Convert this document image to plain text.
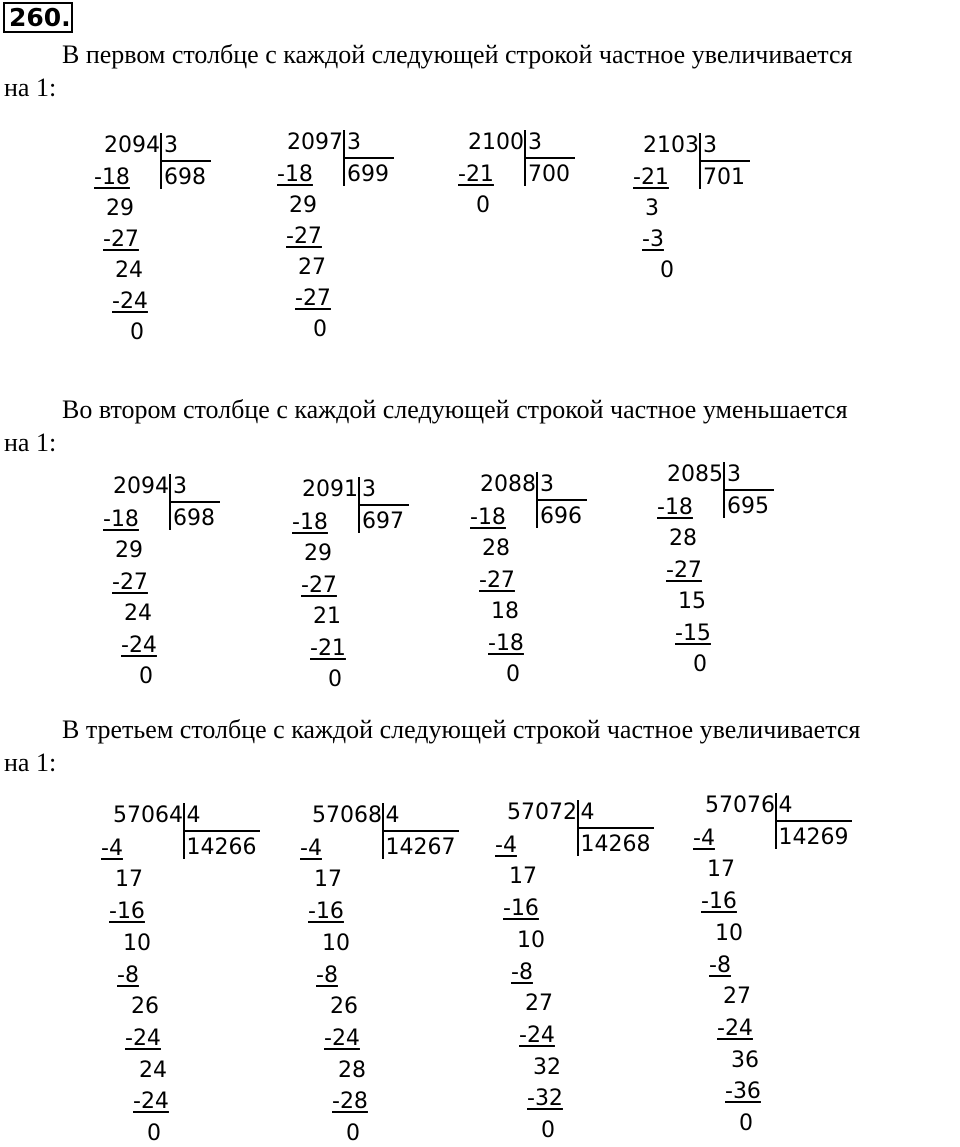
260.
В первом столбце с каждой следующей строкой частное увеличивается
на 1:
Во втором столбце с каждой следующей строкой частное уменьшается
на 1:
В третьем столбце с каждой следующей строкой частное увеличивается
на 1:
2094 3
698
-18
29
-27
24
-24
0
2097 3
699
-18
29
-27
27
-27
0
2100 3
700
-21
0
2103 3
701
-21
3
-3
0
2094 3
698
-18
29
-27
24
-24
0
2091 3
697
-18
29
-27
21
-21
0
2088 3
696
-18
28
-27
18
-18
0
2085 3
695
-18
28
-27
15
-15
0
57064 4
14266
-4
17
-16
10
-8
26
-24
24
-24
0
57068 4
14267
-4
17
-16
10
-8
26
-24
28
-28
0
57072 4
14268
-4
17
-16
10
-8
27
-24
32
-32
0
57076 4
14269
-4
17
-16
10
-8
27
-24
36
-36
0
